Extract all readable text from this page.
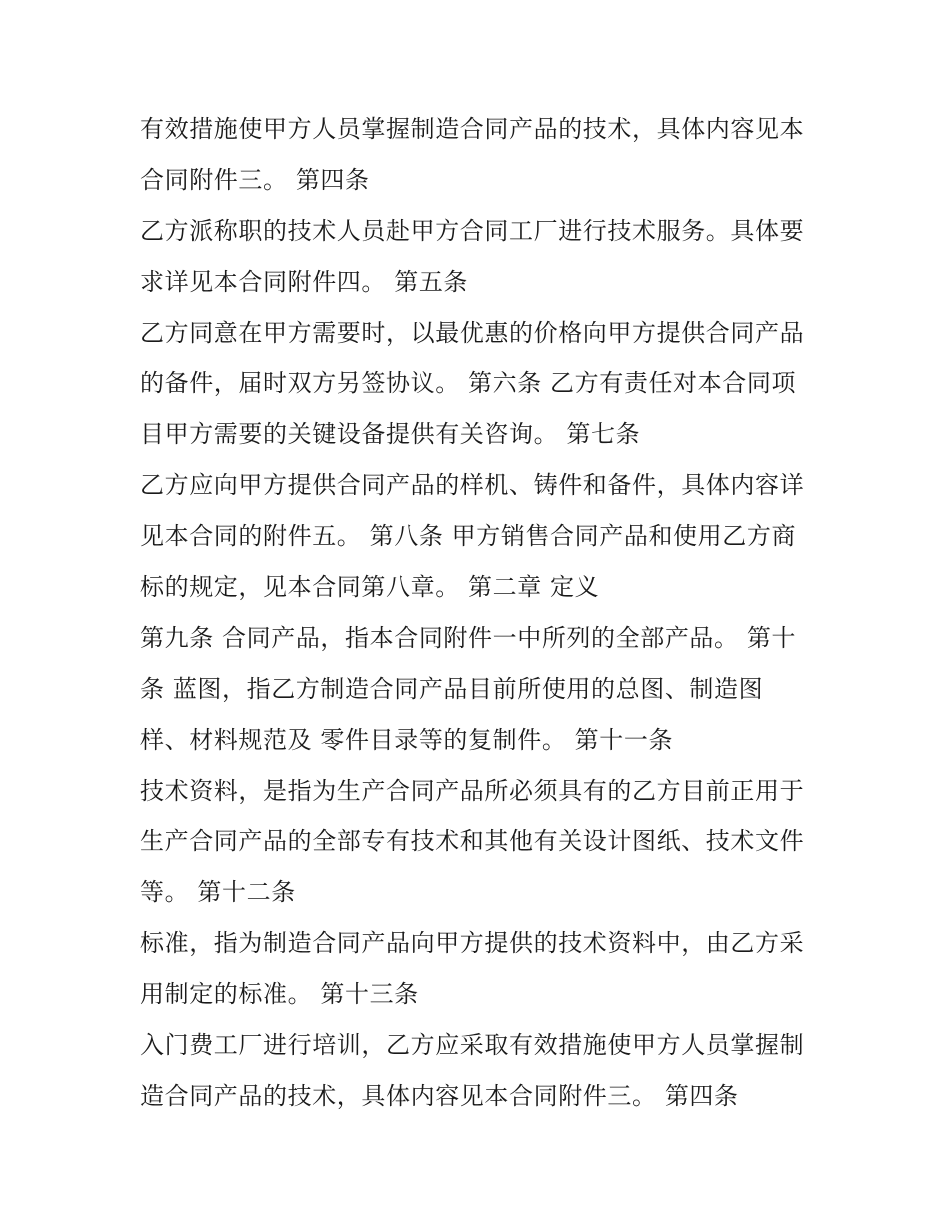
有效措施使甲方人员掌握制造合同产品的技术，具体内容见本
合同附件三。 第四条
乙方派称职的技术人员赴甲方合同工厂进行技术服务。具体要
求详见本合同附件四。 第五条
乙方同意在甲方需要时，以最优惠的价格向甲方提供合同产品
的备件，届时双方另签协议。 第六条 乙方有责任对本合同项
目甲方需要的关键设备提供有关咨询。 第七条
乙方应向甲方提供合同产品的样机、铸件和备件，具体内容详
见本合同的附件五。 第八条 甲方销售合同产品和使用乙方商
标的规定，见本合同第八章。 第二章 定义
第九条 合同产品，指本合同附件一中所列的全部产品。 第十
条 蓝图，指乙方制造合同产品目前所使用的总图、制造图
样、材料规范及 零件目录等的复制件。 第十一条
技术资料，是指为生产合同产品所必须具有的乙方目前正用于
生产合同产品的全部专有技术和其他有关设计图纸、技术文件
等。 第十二条
标准，指为制造合同产品向甲方提供的技术资料中，由乙方采
用制定的标准。 第十三条
入门费工厂进行培训，乙方应采取有效措施使甲方人员掌握制
造合同产品的技术，具体内容见本合同附件三。 第四条
